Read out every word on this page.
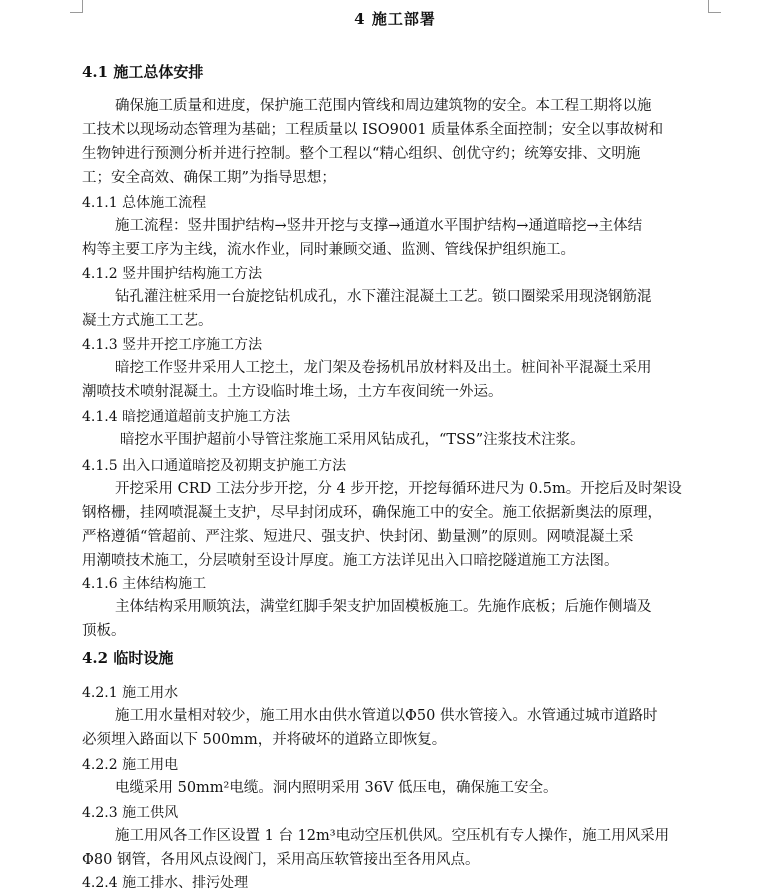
4 施工部署
4.1 施工总体安排
确保施工质量和进度，保护施工范围内管线和周边建筑物的安全。本工程工期将以施
工技术以现场动态管理为基础；工程质量以 ISO9001 质量体系全面控制；安全以事故树和
生物钟进行预测分析并进行控制。整个工程以“精心组织、创优守约；统筹安排、文明施
工；安全高效、确保工期”为指导思想；
4.1.1 总体施工流程
施工流程：竖井围护结构→竖井开挖与支撑→通道水平围护结构→通道暗挖→主体结
构等主要工序为主线，流水作业，同时兼顾交通、监测、管线保护组织施工。
4.1.2 竖井围护结构施工方法
钻孔灌注桩采用一台旋挖钻机成孔，水下灌注混凝土工艺。锁口圈梁采用现浇钢筋混
凝土方式施工工艺。
4.1.3 竖井开挖工序施工方法
暗挖工作竖井采用人工挖土，龙门架及卷扬机吊放材料及出土。桩间补平混凝土采用
潮喷技术喷射混凝土。土方设临时堆土场，土方车夜间统一外运。
4.1.4 暗挖通道超前支护施工方法
暗挖水平围护超前小导管注浆施工采用风钻成孔，“TSS”注浆技术注浆。
4.1.5 出入口通道暗挖及初期支护施工方法
开挖采用 CRD 工法分步开挖，分 4 步开挖，开挖每循环进尺为 0.5m。开挖后及时架设
钢格栅，挂网喷混凝土支护，尽早封闭成环，确保施工中的安全。施工依据新奥法的原理，
严格遵循“管超前、严注浆、短进尺、强支护、快封闭、勤量测”的原则。网喷混凝土采
用潮喷技术施工，分层喷射至设计厚度。施工方法详见出入口暗挖隧道施工方法图。
4.1.6 主体结构施工
主体结构采用顺筑法，满堂红脚手架支护加固模板施工。先施作底板；后施作侧墙及
顶板。
4.2 临时设施
4.2.1 施工用水
施工用水量相对较少，施工用水由供水管道以Φ50 供水管接入。水管通过城市道路时
必须埋入路面以下 500mm，并将破坏的道路立即恢复。
4.2.2 施工用电
电缆采用 50mm²电缆。洞内照明采用 36V 低压电，确保施工安全。
4.2.3 施工供风
施工用风各工作区设置 1 台 12m³电动空压机供风。空压机有专人操作，施工用风采用
Φ80 钢管，各用风点设阀门，采用高压软管接出至各用风点。
4.2.4 施工排水、排污处理
